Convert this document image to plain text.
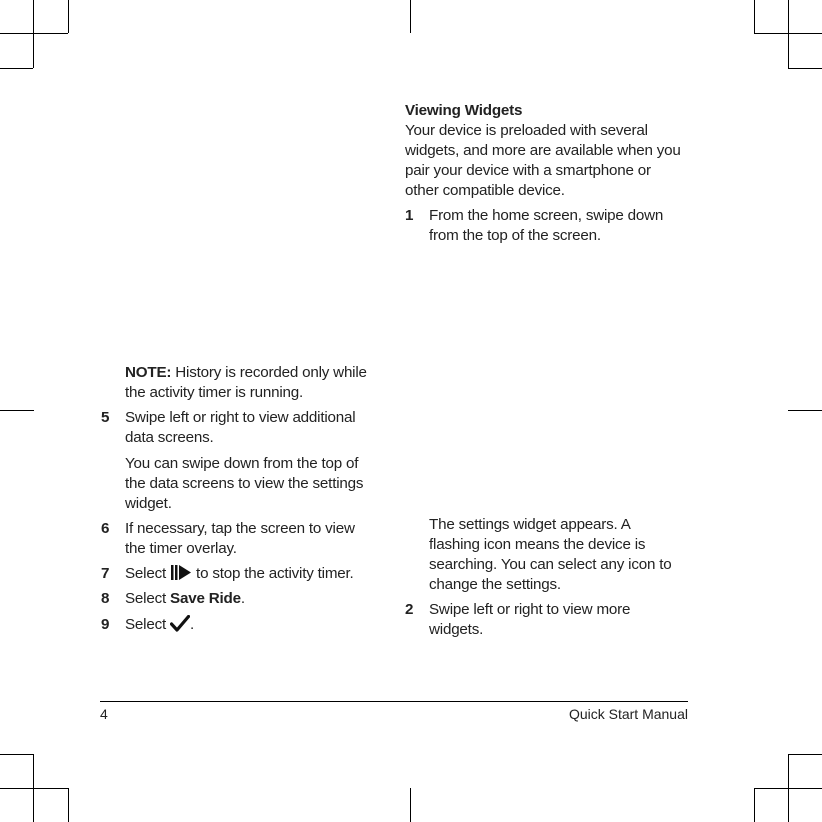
NOTE: History is recorded only while the activity timer is running.
5	Swipe left or right to view additional data screens.
You can swipe down from the top of the data screens to view the settings widget.
6	If necessary, tap the screen to view the timer overlay.
7	Select  to stop the activity timer.
8	Select Save Ride.
9	Select .
Viewing Widgets
Your device is preloaded with several widgets, and more are available when you pair your device with a smartphone or other compatible device.
1	From the home screen, swipe down from the top of the screen.
The settings widget appears. A flashing icon means the device is searching. You can select any icon to change the settings.
2	Swipe left or right to view more widgets.
4	Quick Start Manual
